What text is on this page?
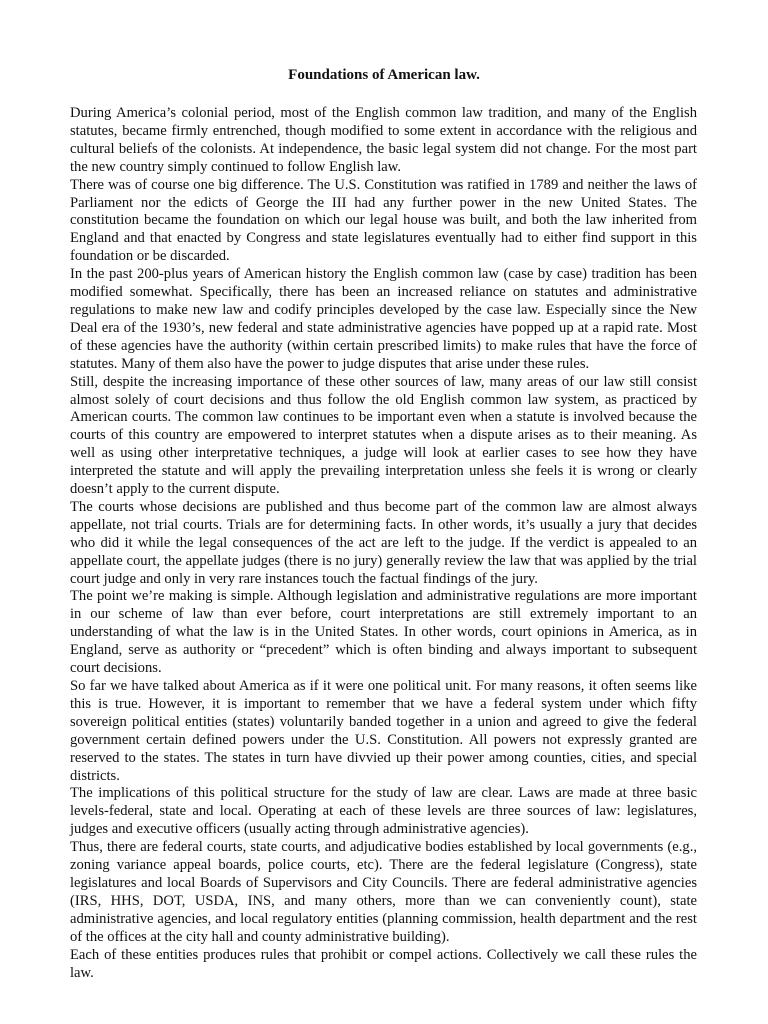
Foundations of American law.

During America’s colonial period, most of the English common law tradition, and many of the English statutes, became firmly entrenched, though modified to some extent in accordance with the religious and cultural beliefs of the colonists. At independence, the basic legal system did not change. For the most part the new country simply continued to follow English law.

There was of course one big difference. The U.S. Constitution was ratified in 1789 and neither the laws of Parliament nor the edicts of George the III had any further power in the new United States. The constitution became the foundation on which our legal house was built, and both the law inherited from England and that enacted by Congress and state legislatures eventually had to either find support in this foundation or be discarded.

In the past 200-plus years of American history the English common law (case by case) tradition has been modified somewhat. Specifically, there has been an increased reliance on statutes and administrative regulations to make new law and codify principles developed by the case law. Especially since the New Deal era of the 1930’s, new federal and state administrative agencies have popped up at a rapid rate. Most of these agencies have the authority (within certain prescribed limits) to make rules that have the force of statutes. Many of them also have the power to judge disputes that arise under these rules.

Still, despite the increasing importance of these other sources of law, many areas of our law still consist almost solely of court decisions and thus follow the old English common law system, as practiced by American courts. The common law continues to be important even when a statute is involved because the courts of this country are empowered to interpret statutes when a dispute arises as to their meaning. As well as using other interpretative techniques, a judge will look at earlier cases to see how they have interpreted the statute and will apply the prevailing interpretation unless she feels it is wrong or clearly doesn’t apply to the current dispute.

The courts whose decisions are published and thus become part of the common law are almost always appellate, not trial courts. Trials are for determining facts. In other words, it’s usually a jury that decides who did it while the legal consequences of the act are left to the judge. If the verdict is appealed to an appellate court, the appellate judges (there is no jury) generally review the law that was applied by the trial court judge and only in very rare instances touch the factual findings of the jury.

The point we’re making is simple. Although legislation and administrative regulations are more important in our scheme of law than ever before, court interpretations are still extremely important to an understanding of what the law is in the United States. In other words, court opinions in America, as in England, serve as authority or “precedent” which is often binding and always important to subsequent court decisions.

So far we have talked about America as if it were one political unit. For many reasons, it often seems like this is true. However, it is important to remember that we have a federal system under which fifty sovereign political entities (states) voluntarily banded together in a union and agreed to give the federal government certain defined powers under the U.S. Constitution. All powers not expressly granted are reserved to the states. The states in turn have divvied up their power among counties, cities, and special districts.

The implications of this political structure for the study of law are clear. Laws are made at three basic levels-federal, state and local. Operating at each of these levels are three sources of law: legislatures, judges and executive officers (usually acting through administrative agencies).

Thus, there are federal courts, state courts, and adjudicative bodies established by local governments (e.g., zoning variance appeal boards, police courts, etc). There are the federal legislature (Congress), state legislatures and local Boards of Supervisors and City Councils. There are federal administrative agencies (IRS, HHS, DOT, USDA, INS, and many others, more than we can conveniently count), state administrative agencies, and local regulatory entities (planning commission, health department and the rest of the offices at the city hall and county administrative building).

Each of these entities produces rules that prohibit or compel actions. Collectively we call these rules the law.
